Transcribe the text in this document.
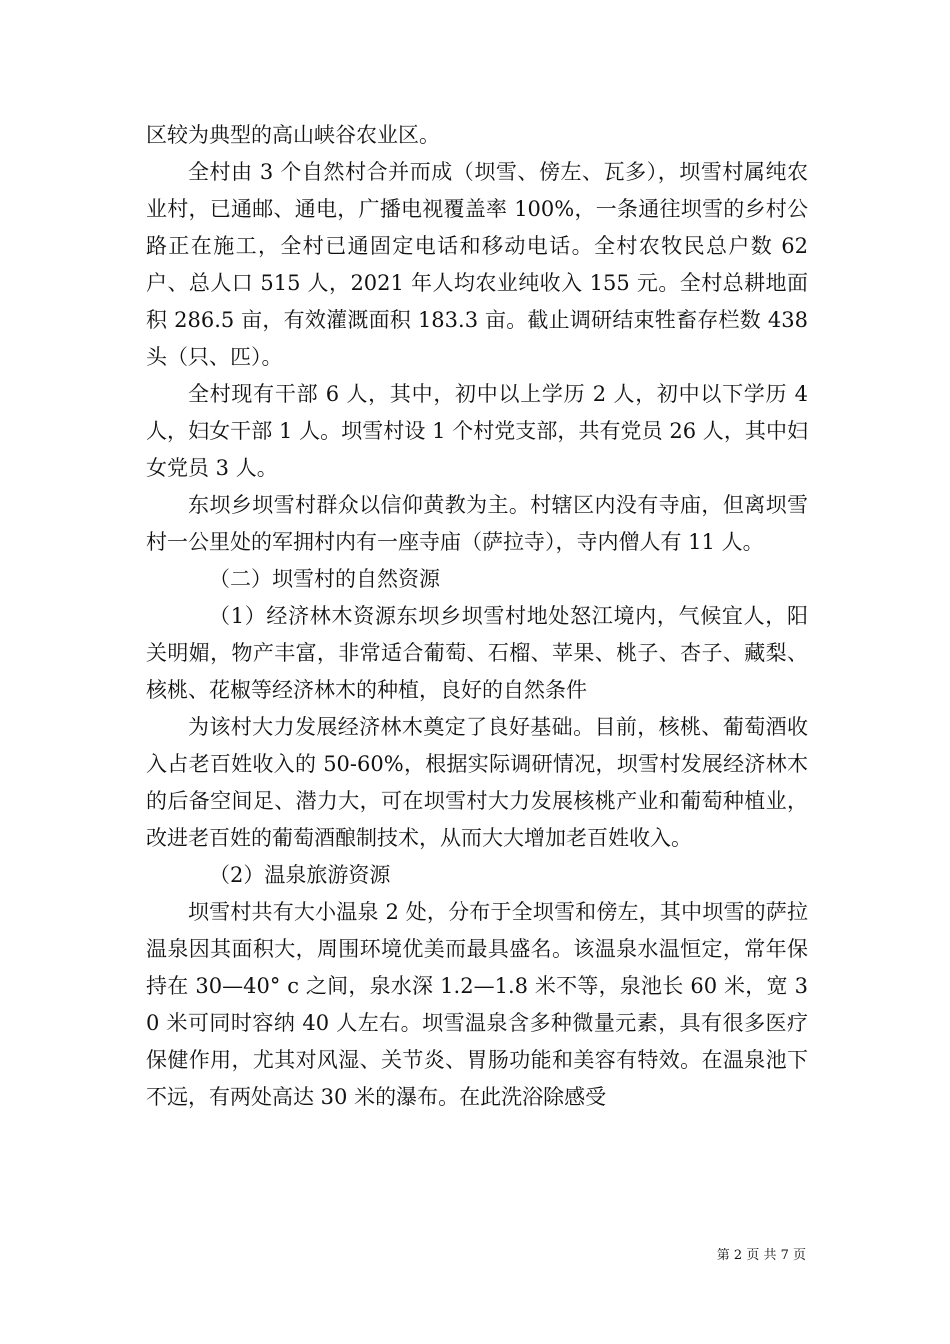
区较为典型的高山峡谷农业区。

全村由 3 个自然村合并而成（坝雪、傍左、瓦多），坝雪村属纯农业村，已通邮、通电，广播电视覆盖率 100%，一条通往坝雪的乡村公路正在施工，全村已通固定电话和移动电话。全村农牧民总户数 62 户、总人口 515 人，2021 年人均农业纯收入 155 元。全村总耕地面积 286.5 亩，有效灌溉面积 183.3 亩。截止调研结束牲畜存栏数 438 头（只、匹）。

全村现有干部 6 人，其中，初中以上学历 2 人，初中以下学历 4 人，妇女干部 1 人。坝雪村设 1 个村党支部，共有党员 26 人，其中妇女党员 3 人。

东坝乡坝雪村群众以信仰黄教为主。村辖区内没有寺庙，但离坝雪村一公里处的军拥村内有一座寺庙（萨拉寺），寺内僧人有 11 人。

（二）坝雪村的自然资源

（1）经济林木资源东坝乡坝雪村地处怒江境内，气候宜人，阳关明媚，物产丰富，非常适合葡萄、石榴、苹果、桃子、杏子、藏梨、核桃、花椒等经济林木的种植，良好的自然条件

为该村大力发展经济林木奠定了良好基础。目前，核桃、葡萄酒收入占老百姓收入的 50-60%，根据实际调研情况，坝雪村发展经济林木的后备空间足、潜力大，可在坝雪村大力发展核桃产业和葡萄种植业，改进老百姓的葡萄酒酿制技术，从而大大增加老百姓收入。

（2）温泉旅游资源

坝雪村共有大小温泉 2 处，分布于全坝雪和傍左，其中坝雪的萨拉温泉因其面积大，周围环境优美而最具盛名。该温泉水温恒定，常年保持在 30—40° c 之间，泉水深 1.2—1.8 米不等，泉池长 60 米，宽 30 米可同时容纳 40 人左右。坝雪温泉含多种微量元素，具有很多医疗保健作用，尤其对风湿、关节炎、胃肠功能和美容有特效。在温泉池下不远，有两处高达 30 米的瀑布。在此洗浴除感受

第 2 页 共 7 页
